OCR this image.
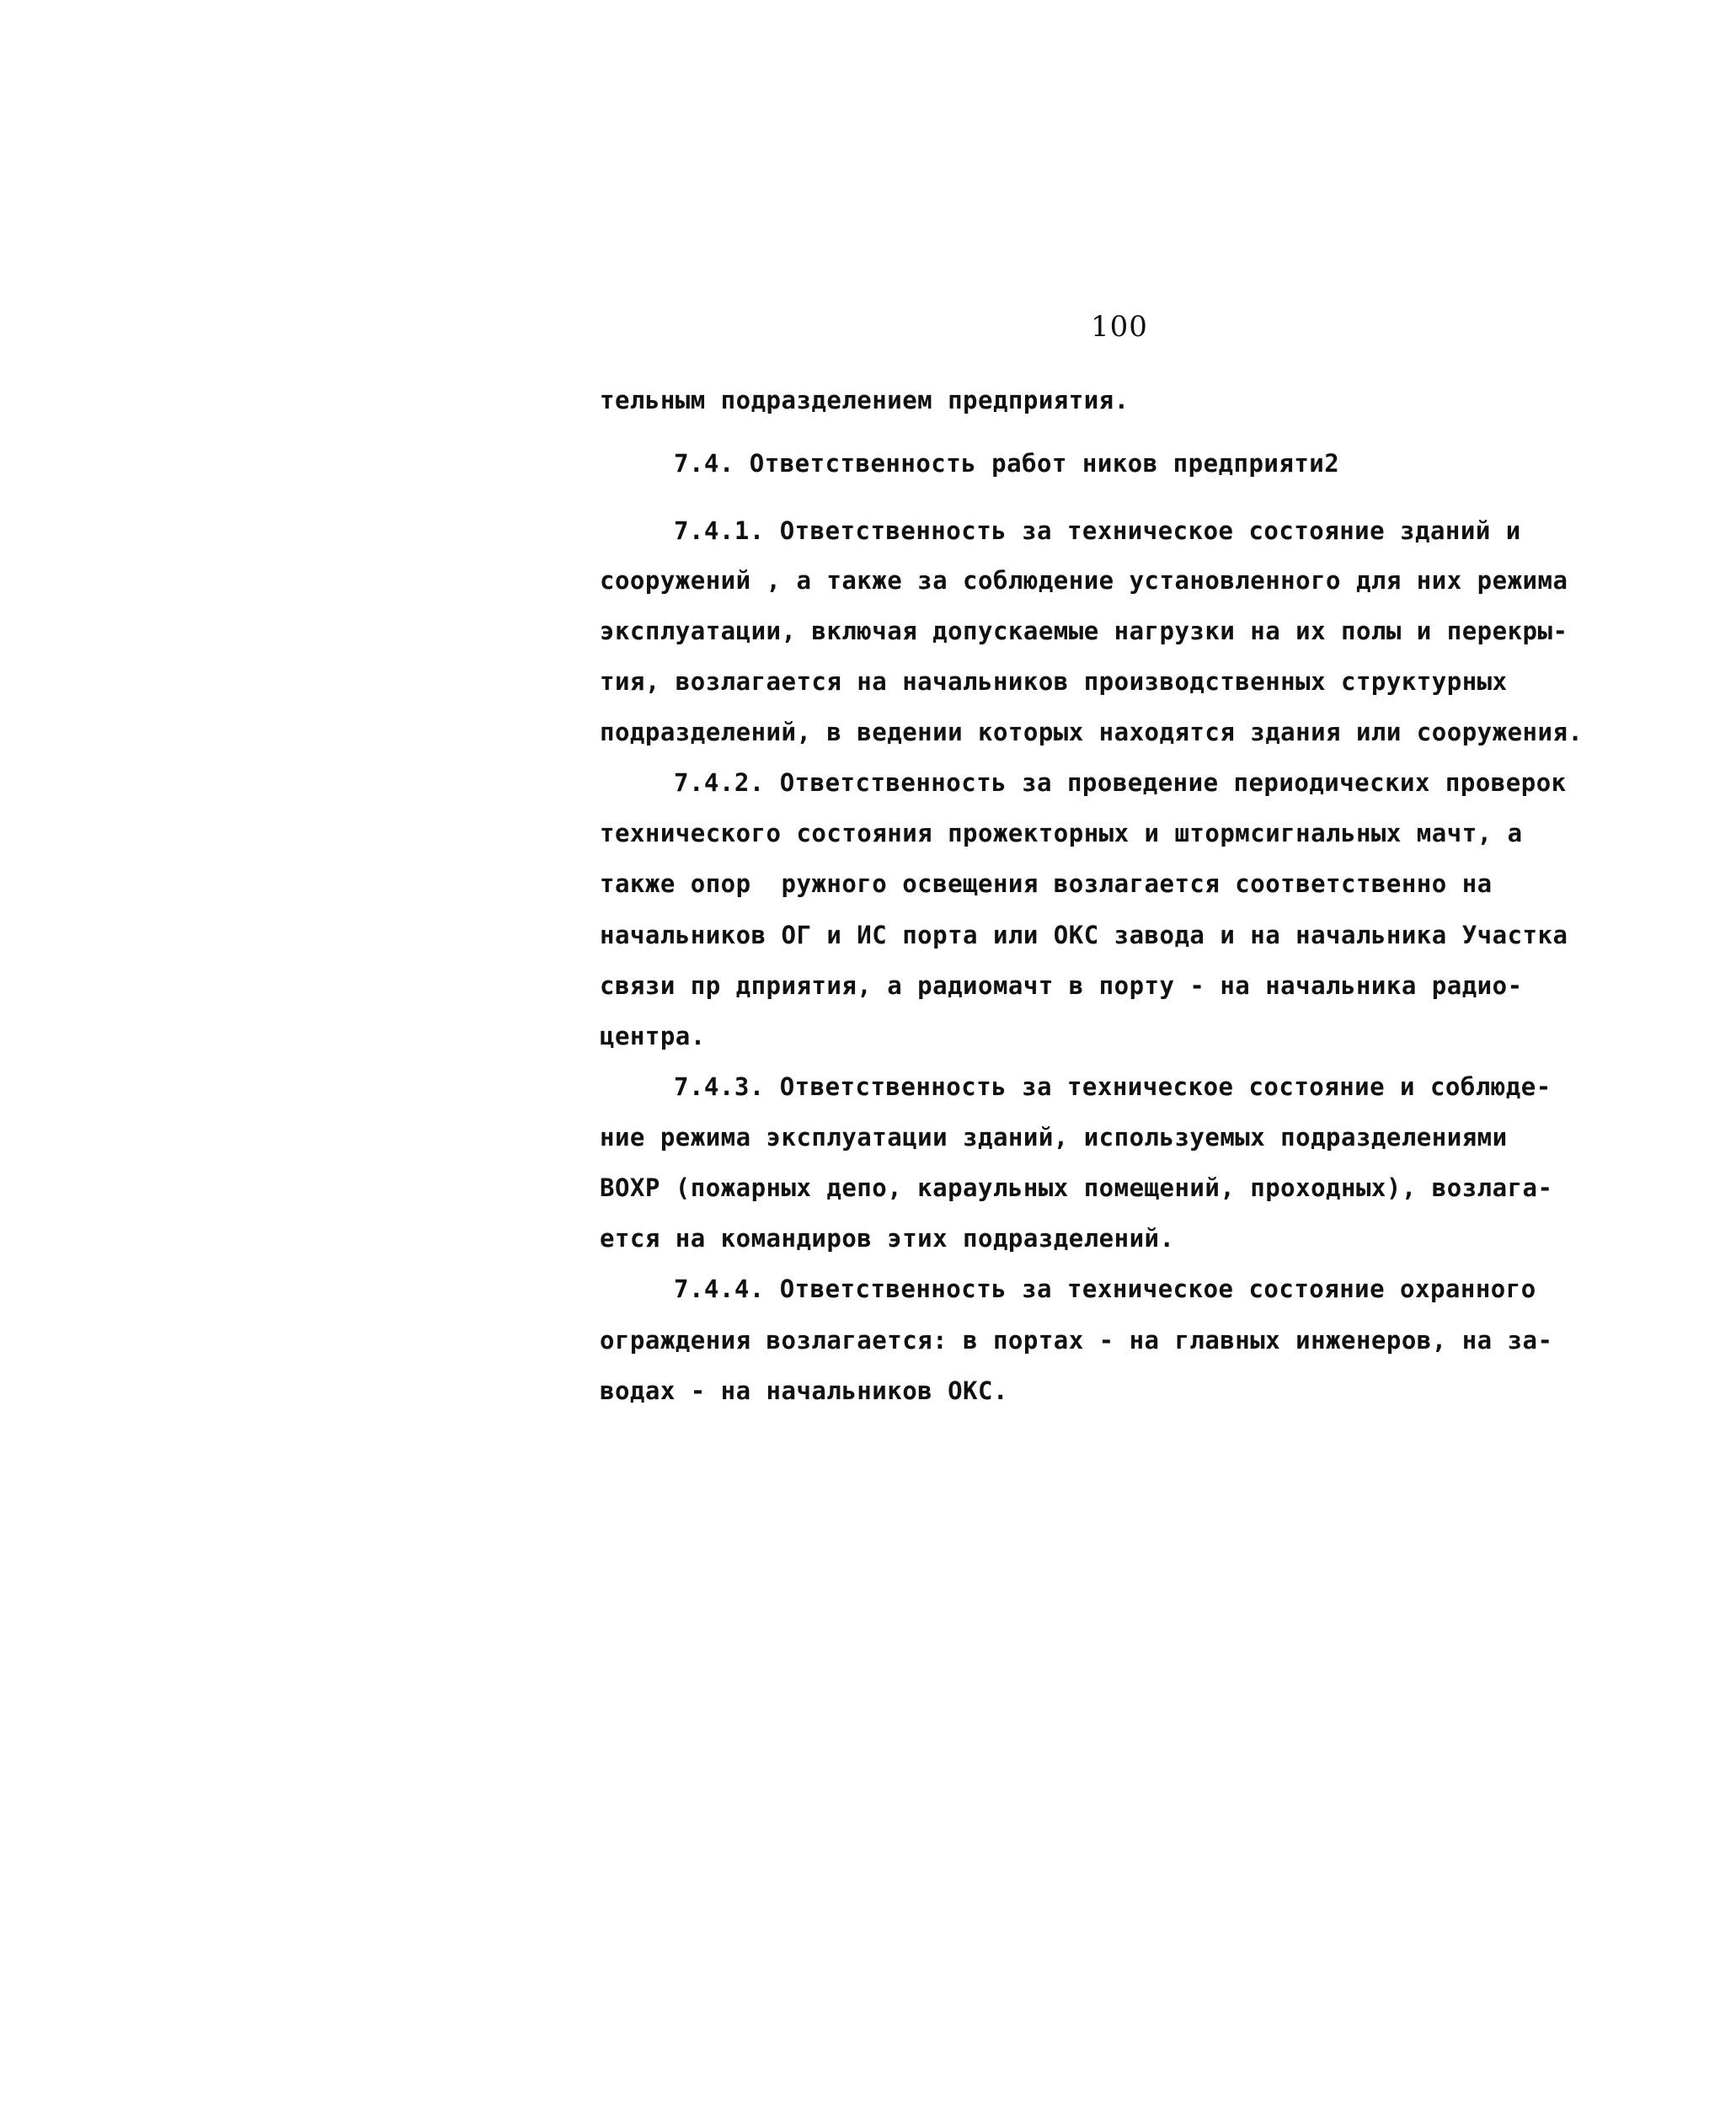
100
тельным подразделением предприятия.
7.4. Ответственность работ ников предприяти2
7.4.1. Ответственность за техническое состояние зданий и
сооружений , а также за соблюдение установленного для них режима
эксплуатации, включая допускаемые нагрузки на их полы и перекры-
тия, возлагается на начальников производственных структурных
подразделений, в ведении которых находятся здания или сооружения.
7.4.2. Ответственность за проведение периодических проверок
технического состояния прожекторных и штормсигнальных мачт, а
также опор  ружного освещения возлагается соответственно на
начальников ОГ и ИС порта или ОКС завода и на начальника Участка
связи пр дприятия, а радиомачт в порту - на начальника радио-
центра.
7.4.3. Ответственность за техническое состояние и соблюде-
ние режима эксплуатации зданий, используемых подразделениями
ВОХР (пожарных депо, караульных помещений, проходных), возлага-
ется на командиров этих подразделений.
7.4.4. Ответственность за техническое состояние охранного
ограждения возлагается: в портах - на главных инженеров, на за-
водах - на начальников ОКС.
